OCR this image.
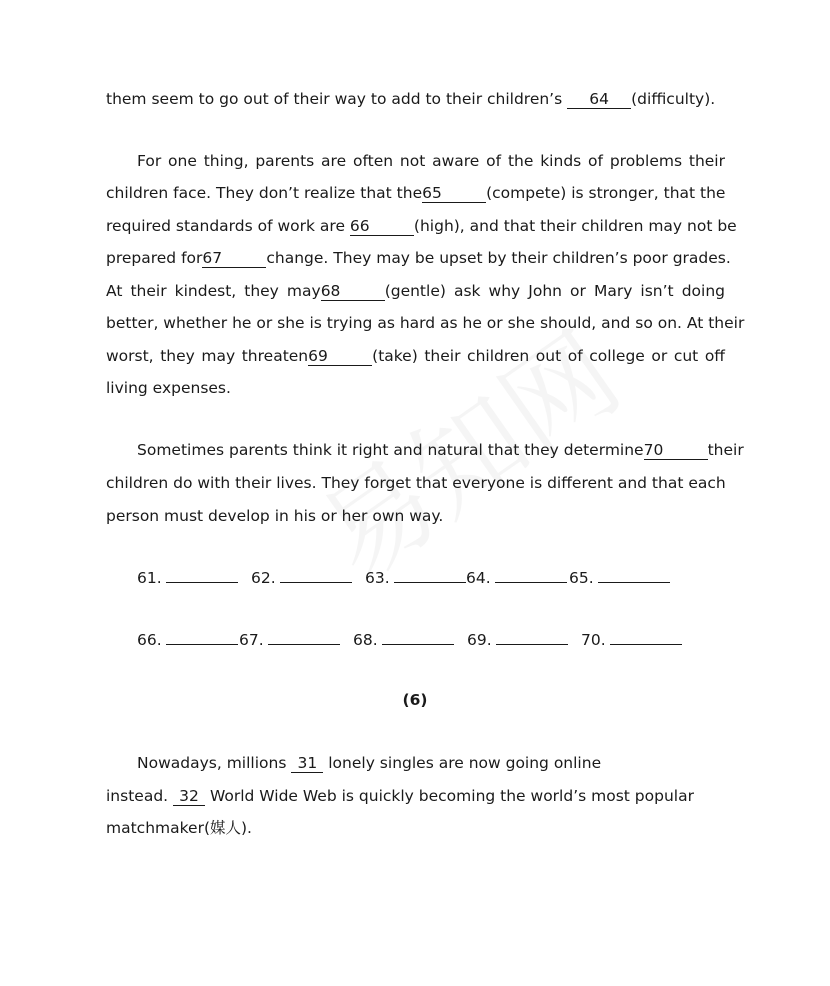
them seem to go out of their way to add to their children’s 64 (difficulty).
For one thing, parents are often not aware of the kinds of problems their
children face. They don’t realize that the65	(compete) is stronger, that the
required standards of work are 66	(high), and that their children may not be
prepared for67	change. They may be upset by their children’s poor grades.
At their kindest, they may68	(gentle) ask why John or Mary isn’t doing
better, whether he or she is trying as hard as he or she should, and so on. At their
worst, they may threaten69	(take) their children out of college or cut off
living expenses.
Sometimes parents think it right and natural that they determine70	their
children do with their lives. They forget that everyone is different and that each
person must develop in his or her own way.
61.	62.	63.	64.	65.
66.	67.	68.	69.	70.
(6)
Nowadays, millions 31 lonely singles are now going online
instead. 32 World Wide Web is quickly becoming the world’s most popular
matchmaker(媒人).
